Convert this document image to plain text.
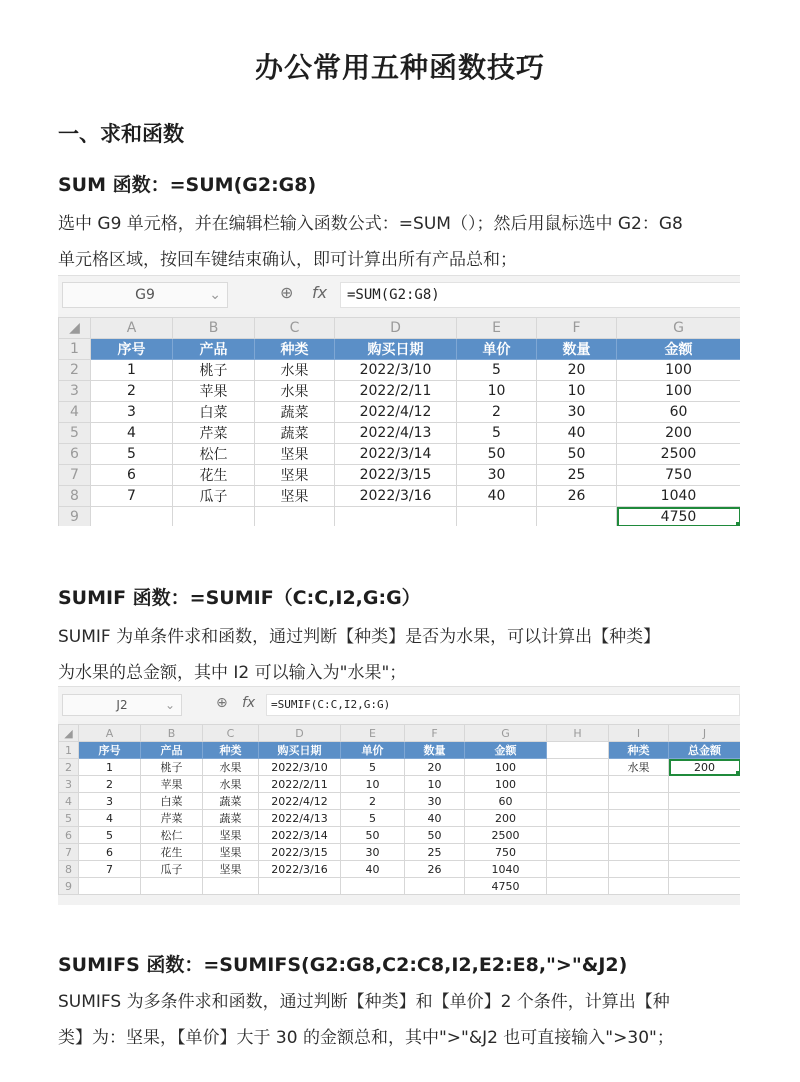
办公常用五种函数技巧
一、求和函数
SUM 函数：=SUM(G2:G8)
选中 G9 单元格，并在编辑栏输入函数公式：=SUM（）；然后用鼠标选中 G2：G8
单元格区域，按回车键结束确认，即可计算出所有产品总和；
G9	⌄	⊕ fx	=SUM(G2:G8)
◢	A	B	C	D	E	F	G
1	序号	产品	种类	购买日期	单价	数量	金额
2	1	桃子	水果	2022/3/10	5	20	100
3	2	苹果	水果	2022/2/11	10	10	100
4	3	白菜	蔬菜	2022/4/12	2	30	60
5	4	芹菜	蔬菜	2022/4/13	5	40	200
6	5	松仁	坚果	2022/3/14	50	50	2500
7	6	花生	坚果	2022/3/15	30	25	750
8	7	瓜子	坚果	2022/3/16	40	26	1040
9							4750
SUMIF 函数：=SUMIF（C:C,I2,G:G）
SUMIF 为单条件求和函数，通过判断【种类】是否为水果，可以计算出【种类】
为水果的总金额，其中 I2 可以输入为"水果"；
J2	⌄	⊕ fx	=SUMIF(C:C,I2,G:G)
◢	A	B	C	D	E	F	G	H	I	J
1	序号	产品	种类	购买日期	单价	数量	金额		种类	总金额
2	1	桃子	水果	2022/3/10	5	20	100		水果	200
3	2	苹果	水果	2022/2/11	10	10	100			
4	3	白菜	蔬菜	2022/4/12	2	30	60			
5	4	芹菜	蔬菜	2022/4/13	5	40	200			
6	5	松仁	坚果	2022/3/14	50	50	2500			
7	6	花生	坚果	2022/3/15	30	25	750			
8	7	瓜子	坚果	2022/3/16	40	26	1040			
9							4750			
SUMIFS 函数：=SUMIFS(G2:G8,C2:C8,I2,E2:E8,">"&J2)
SUMIFS 为多条件求和函数，通过判断【种类】和【单价】2 个条件，计算出【种
类】为：坚果，【单价】大于 30 的金额总和，其中">"&J2 也可直接输入">30"；
